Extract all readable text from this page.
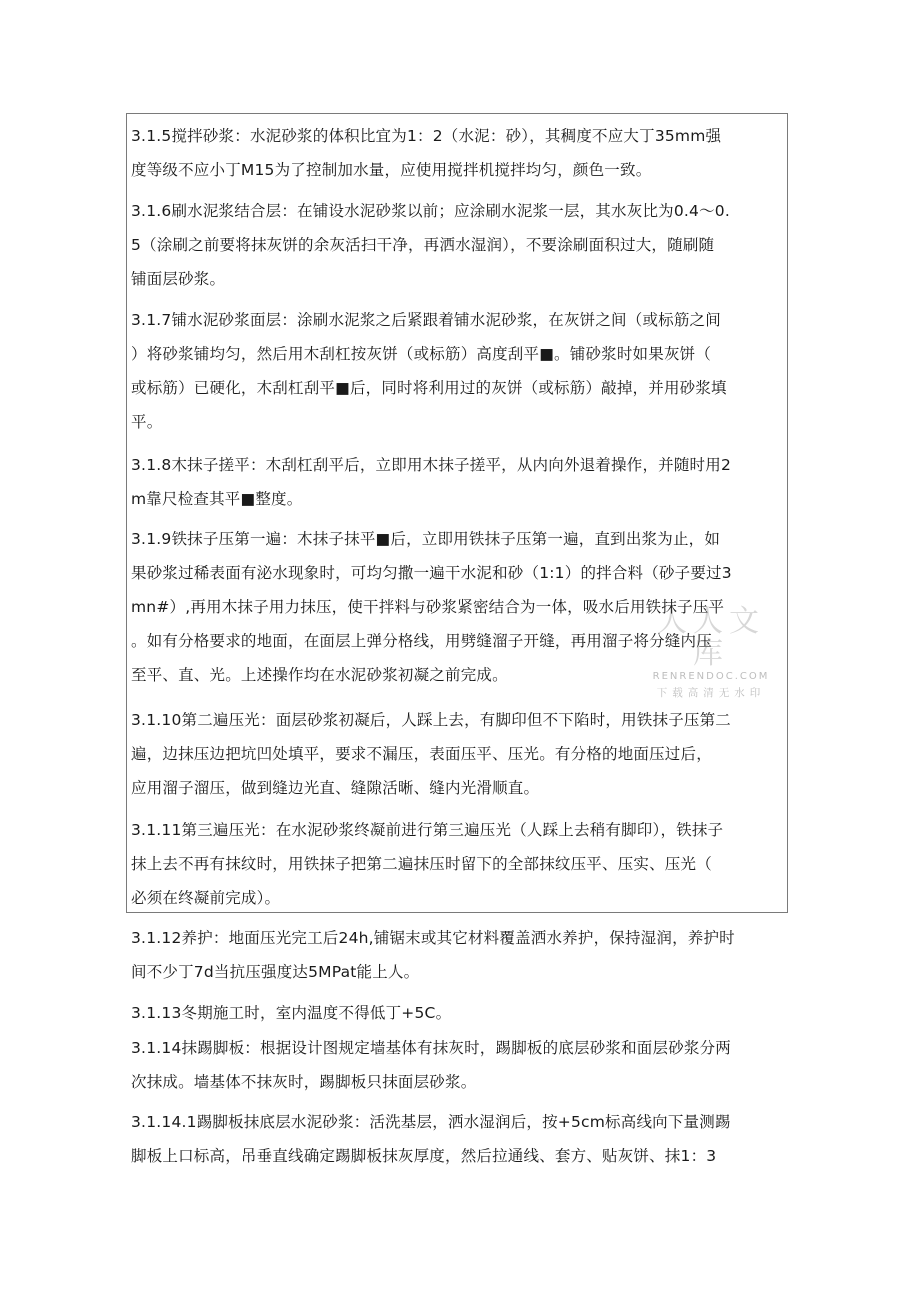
人人文库
RENRENDOC.COM
下载高清无水印

3.1.5搅拌砂浆：水泥砂浆的体积比宜为1：2（水泥：砂），其稠度不应大丁35mm强
度等级不应小丁M15为了控制加水量，应使用搅拌机搅拌均匀，颜色一致。

3.1.6刷水泥浆结合层：在铺设水泥砂浆以前；应涂刷水泥浆一层，其水灰比为0.4〜0.
5（涂刷之前要将抹灰饼的余灰活扫干净，再洒水湿润），不要涂刷面积过大，随刷随
铺面层砂浆。

3.1.7铺水泥砂浆面层：涂刷水泥浆之后紧跟着铺水泥砂浆，在灰饼之间（或标筋之间
）将砂浆铺均匀，然后用木刮杠按灰饼（或标筋）高度刮平■。铺砂浆时如果灰饼（
或标筋）已硬化，木刮杠刮平■后，同时将利用过的灰饼（或标筋）敲掉，并用砂浆填
平。

3.1.8木抹子搓平：木刮杠刮平后，立即用木抹子搓平，从内向外退着操作，并随时用2
m靠尺检查其平■整度。

3.1.9铁抹子压第一遍：木抹子抹平■后，立即用铁抹子压第一遍，直到出浆为止，如
果砂浆过稀表面有泌水现象时，可均匀撒一遍干水泥和砂（1:1）的拌合料（砂子要过3
mn#）,再用木抹子用力抹压，使干拌料与砂浆紧密结合为一体，吸水后用铁抹子压平
。如有分格要求的地面，在面层上弹分格线，用劈缝溜子开缝，再用溜子将分缝内压
至平、直、光。上述操作均在水泥砂浆初凝之前完成。

3.1.10第二遍压光：面层砂浆初凝后，人踩上去，有脚印但不下陷时，用铁抹子压第二
遍，边抹压边把坑凹处填平，要求不漏压，表面压平、压光。有分格的地面压过后，
应用溜子溜压，做到缝边光直、缝隙活晰、缝内光滑顺直。

3.1.11第三遍压光：在水泥砂浆终凝前进行第三遍压光（人踩上去稍有脚印），铁抹子
抹上去不再有抹纹时，用铁抹子把第二遍抹压时留下的全部抹纹压平、压实、压光（
必须在终凝前完成）。

3.1.12养护：地面压光完工后24h,铺锯末或其它材料覆盖洒水养护，保持湿润，养护时
间不少丁7d当抗压强度达5MPat能上人。

3.1.13冬期施工时，室内温度不得低丁+5C。

3.1.14抹踢脚板：根据设计图规定墙基体有抹灰时，踢脚板的底层砂浆和面层砂浆分两
次抹成。墙基体不抹灰时，踢脚板只抹面层砂浆。

3.1.14.1踢脚板抹底层水泥砂浆：活洗基层，洒水湿润后，按+5cm标高线向下量测踢
脚板上口标高，吊垂直线确定踢脚板抹灰厚度，然后拉通线、套方、贴灰饼、抹1：3
